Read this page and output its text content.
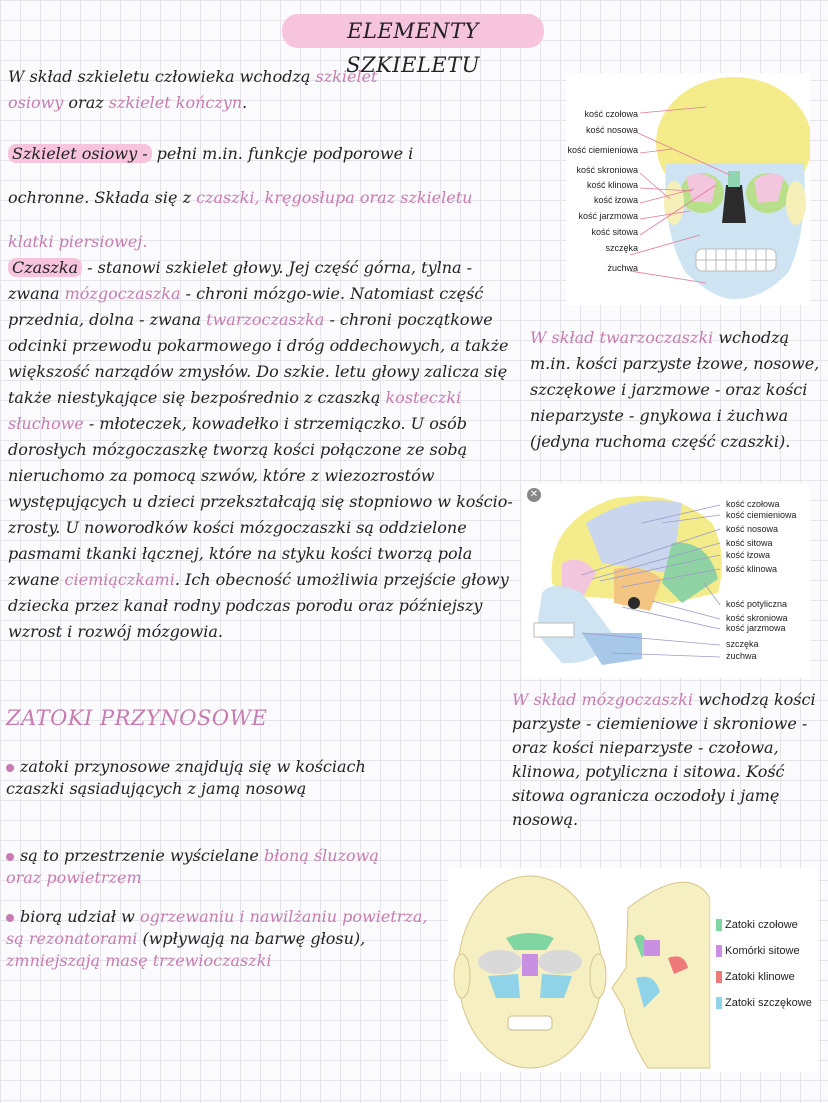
ELEMENTY SZKIELETU
W skład szkieletu człowieka wchodzą szkielet osiowy oraz szkielet kończyn.
Szkielet osiowy - pełni m.in. funkcje podporowe i ochronne. Składa się z czaszki, kręgosłupa oraz szkieletu klatki piersiowej.
Czaszka - stanowi szkielet głowy. Jej część górna, tylna - zwana mózgoczaszka - chroni mózgo-wie. Natomiast część przednia, dolna - zwana twarzoczaszka - chroni początkowe odcinki przewodu pokarmowego i dróg oddechowych, a także większość narządów zmysłów. Do szkie. letu głowy zalicza się także niestykające się bezpośrednio z czaszką kosteczki słuchowe - młoteczek, kowadełko i strzemiączko. U osób dorosłych mózgoczaszkę tworzą kości połączone ze sobą nieruchomo za pomocą szwów, które z wiezozrostów występujących u dzieci przekształcają się stopniowo w kościo-zrosty. U noworodków kości mózgoczaszki są oddzielone pasmami tkanki łącznej, które na styku kości tworzą pola zwane ciemiączkami. Ich obecność umożliwia przejście głowy dziecka przez kanał rodny podczas porodu oraz późniejszy wzrost i rozwój mózgowia.
kość czołowa
kość nosowa
kość ciemieniowa
kość skroniowa
kość klinowa
kość łzowa
kość jarzmowa
kość sitowa
szczęka
żuchwa
W skład twarzoczaszki wchodzą m.in. kości parzyste łzowe, nosowe, szczękowe i jarzmowe - oraz kości nieparzyste - gnykowa i żuchwa (jedyna ruchoma część czaszki).
✕
kość czołowa
kość ciemieniowa
kość nosowa
kość sitowa
kość łzowa
kość klinowa
kość potyliczna
kość skroniowa
kość jarzmowa
szczęka
żuchwa
W skład mózgoczaszki wchodzą kości parzyste - ciemieniowe i skroniowe - oraz kości nieparzyste - czołowa, klinowa, potyliczna i sitowa. Kość sitowa ogranicza oczodoły i jamę nosową.
ZATOKI PRZYNOSOWE
zatoki przynosowe znajdują się w kościach czaszki sąsiadujących z jamą nosową
są to przestrzenie wyścielane błoną śluzową oraz powietrzem
biorą udział w ogrzewaniu i nawilżaniu powietrza, są rezonatorami (wpływają na barwę głosu), zmniejszają masę trzewioczaszki
Zatoki czołowe
Komórki sitowe
Zatoki klinowe
Zatoki szczękowe
